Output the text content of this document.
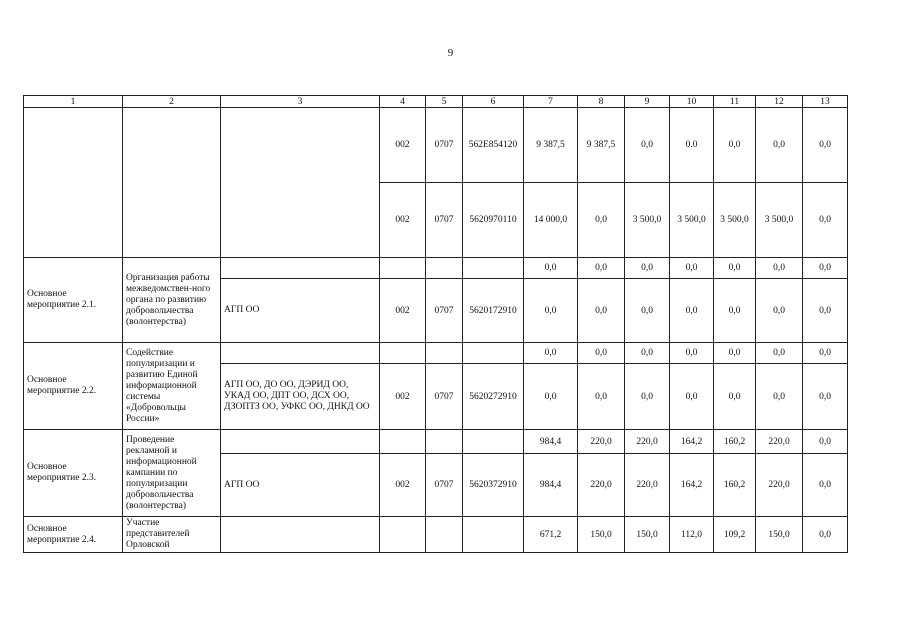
9
1	2	3	4	5	6	7	8	9	10	11	12	13
			002	0707	562E854120	9 387,5	9 387,5	0,0	0.0	0,0	0,0	0,0
			002	0707	5620970110	14 000,0	0,0	3 500,0	3 500,0	3 500,0	3 500,0	0,0
Основное мероприятие 2.1.	Организация работы межведомствен-ного органа по развитию добровольчества (волонтерства)					0,0	0,0	0,0	0,0	0,0	0,0	0,0
		АГП ОО	002	0707	5620172910	0,0	0,0	0,0	0,0	0,0	0,0	0,0
Основное мероприятие 2.2.	Содействие популяризации и развитию Единой информационной системы «Добровольцы России»					0,0	0,0	0,0	0,0	0,0	0,0	0,0
		АГП ОО, ДО ОО, ДЭРИД ОО, УКАД ОО, ДПТ ОО, ДСХ ОО, ДЗОПТЗ ОО, УФКС ОО, ДНКД ОО	002	0707	5620272910	0,0	0,0	0,0	0,0	0,0	0,0	0,0
Основное мероприятие 2.3.	Проведение рекламной и информационной кампании по популяризации добровольчества (волонтерства)					984,4	220,0	220,0	164,2	160,2	220,0	0,0
		АГП ОО	002	0707	5620372910	984,4	220,0	220,0	164,2	160,2	220,0	0,0
Основное мероприятие 2.4.	Участие представителей Орловской					671,2	150,0	150,0	112,0	109,2	150,0	0,0
